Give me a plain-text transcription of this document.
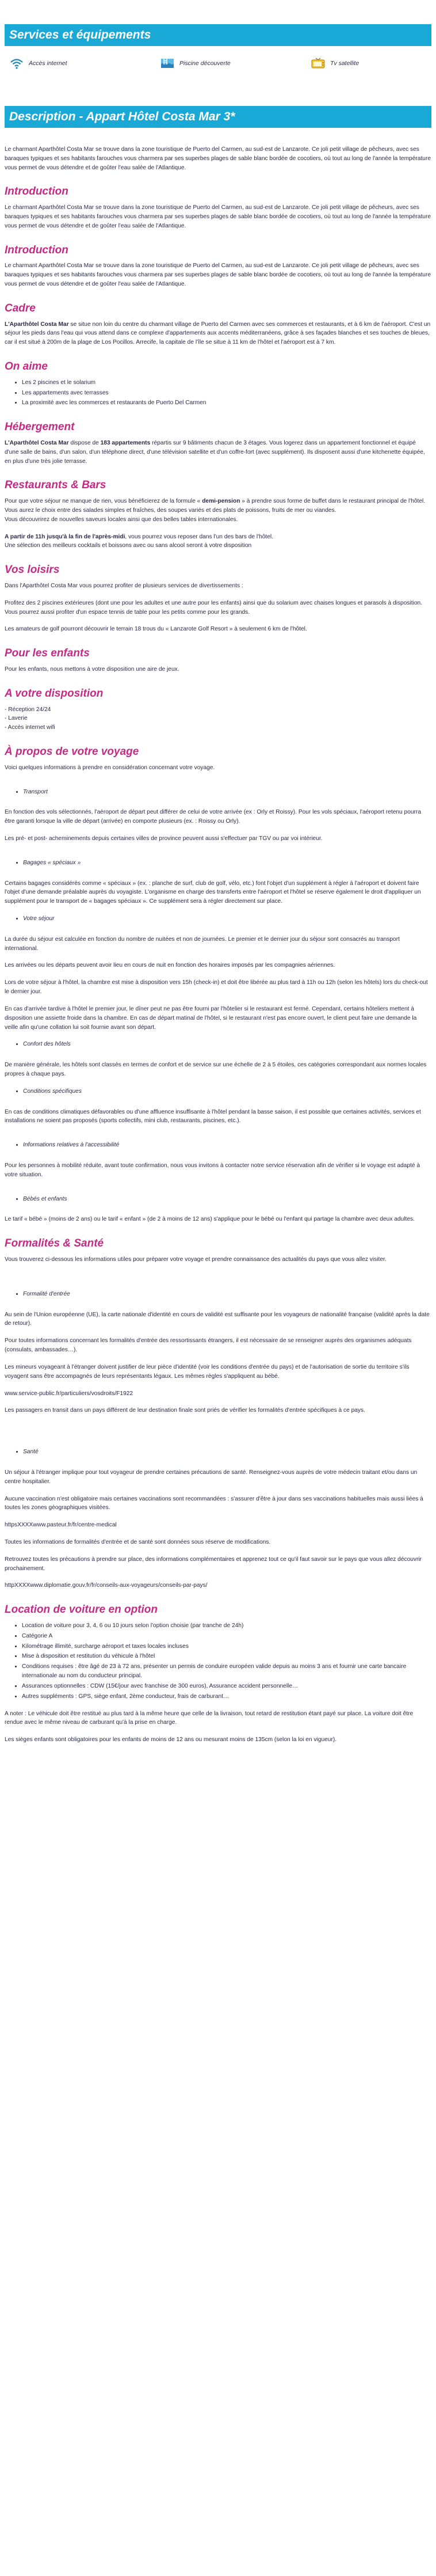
Services et équipements
Accès internet	Piscine découverte	Tv satellite
Description - Appart Hôtel Costa Mar 3*

Le charmant Aparthôtel Costa Mar se trouve dans la zone touristique de Puerto del Carmen, au sud-est de Lanzarote. Ce joli petit village de pêcheurs, avec ses baraques typiques et ses habitants farouches vous charmera par ses superbes plages de sable blanc bordée de cocotiers, où tout au long de l'année la température vous permet de vous détendre et de goûter l'eau salée de l'Atlantique.

Introduction

Le charmant Aparthôtel Costa Mar se trouve dans la zone touristique de Puerto del Carmen, au sud-est de Lanzarote. Ce joli petit village de pêcheurs, avec ses baraques typiques et ses habitants farouches vous charmera par ses superbes plages de sable blanc bordée de cocotiers, où tout au long de l'année la température vous permet de vous détendre et de goûter l'eau salée de l'Atlantique.

Introduction

Le charmant Aparthôtel Costa Mar se trouve dans la zone touristique de Puerto del Carmen, au sud-est de Lanzarote. Ce joli petit village de pêcheurs, avec ses baraques typiques et ses habitants farouches vous charmera par ses superbes plages de sable blanc bordée de cocotiers, où tout au long de l'année la température vous permet de vous détendre et de goûter l'eau salée de l'Atlantique.

Cadre

L'Aparthôtel Costa Mar se situe non loin du centre du charmant village de Puerto del Carmen avec ses commerces et restaurants, et à 6 km de l'aéroport. C'est un séjour les pieds dans l'eau qui vous attend dans ce complexe d'appartements aux accents méditerranéens, grâce à ses façades blanches et ses touches de bleues, car il est situé à 200m de la plage de Los Pocillos. Arrecife, la capitale de l'île se situe à 11 km de l'hôtel et l'aéroport est à 7 km.

On aime
• Les 2 piscines et le solarium
• Les appartements avec terrasses
• La proximité avec les commerces et restaurants de Puerto Del Carmen
Hébergement

L'Aparthôtel Costa Mar dispose de 183 appartements répartis sur 9 bâtiments chacun de 3 étages. Vous logerez dans un appartement fonctionnel et équipé d'une salle de bains, d'un salon, d'un téléphone direct, d'une télévision satellite et d'un coffre-fort (avec supplément). Ils disposent aussi d'une kitchenette équipée, en plus d'une très jolie terrasse.

Restaurants & Bars

Pour que votre séjour ne manque de rien, vous bénéficierez de la formule « demi-pension » à prendre sous forme de buffet dans le restaurant principal de l'hôtel.

Vous aurez le choix entre des salades simples et fraîches, des soupes variés et des plats de poissons, fruits de mer ou viandes.

Vous découvrirez de nouvelles saveurs locales ainsi que des belles tables internationales.

A partir de 11h jusqu'à la fin de l'après-midi, vous pourrez vous reposer dans l'un des bars de l'hôtel.

Une sélection des meilleurs cocktails et boissons avec ou sans alcool seront à votre disposition

Vos loisirs

Dans l'Aparthôtel Costa Mar vous pourrez profiter de plusieurs services de divertissements :

Profitez des 2 piscines extérieures (dont une pour les adultes et une autre pour les enfants) ainsi que du solarium avec chaises longues et parasols à disposition. Vous pourrez aussi profiter d'un espace tennis de table pour les petits comme pour les grands.

Les amateurs de golf pourront découvrir le terrain 18 trous du « Lanzarote Golf Resort » à seulement 6 km de l'hôtel.

Pour les enfants

Pour les enfants, nous mettons à votre disposition une aire de jeux.

A votre disposition

- Réception 24/24

- Laverie

- Accès internet wifi

À propos de votre voyage

Voici quelques informations à prendre en considération concernant votre voyage.

• Transport

En fonction des vols sélectionnés, l'aéroport de départ peut différer de celui de votre arrivée (ex : Orly et Roissy). Pour les vols spéciaux, l'aéroport retenu pourra être garanti lorsque la ville de départ (arrivée) en comporte plusieurs (ex. : Roissy ou Orly).

Les pré- et post- acheminements depuis certaines villes de province peuvent aussi s'effectuer par TGV ou par voi intérieur.

• Bagages « spéciaux »

Certains bagages considérés comme « spéciaux » (ex. : planche de surf, club de golf, vélo, etc.) font l'objet d'un supplément à régler à l'aéroport et doivent faire l'objet d'une demande préalable auprès du voyagiste. L'organisme en charge des transferts entre l'aéroport et l'hôtel se réserve également le droit d'appliquer un supplément pour le transport de « bagages spéciaux ». Ce supplément sera à régler directement sur place.

• Votre séjour

La durée du séjour est calculée en fonction du nombre de nuitées et non de journées. Le premier et le dernier jour du séjour sont consacrés au transport international.

Les arrivées ou les départs peuvent avoir lieu en cours de nuit en fonction des horaires imposés par les compagnies aériennes.

Lors de votre séjour à l'hôtel, la chambre est mise à disposition vers 15h (check-in) et doit être libérée au plus tard à 11h ou 12h (selon les hôtels) lors du check-out le dernier jour.

En cas d'arrivée tardive à l'hôtel le premier jour, le dîner peut ne pas être fourni par l'hôtelier si le restaurant est fermé. Cependant, certains hôteliers mettent à disposition une assiette froide dans la chambre. En cas de départ matinal de l'hôtel, si le restaurant n'est pas encore ouvert, le client peut faire une demande la veille afin qu'une collation lui soit fournie avant son départ.

• Confort des hôtels

De manière générale, les hôtels sont classés en termes de confort et de service sur une échelle de 2 à 5 étoiles, ces catégories correspondant aux normes locales propres à chaque pays.

• Conditions spécifiques

En cas de conditions climatiques défavorables ou d'une affluence insuffisante à l'hôtel pendant la basse saison, il est possible que certaines activités, services et installations ne soient pas proposés (sports collectifs, mini club, restaurants, piscines, etc.).

• Informations relatives à l'accessibilité

Pour les personnes à mobilité réduite, avant toute confirmation, nous vous invitons à contacter notre service réservation afin de vérifier si le voyage est adapté à votre situation.

• Bébés et enfants

Le tarif « bébé » (moins de 2 ans) ou le tarif « enfant » (de 2 à moins de 12 ans) s'applique pour le bébé ou l'enfant qui partage la chambre avec deux adultes.

Formalités & Santé

Vous trouverez ci-dessous les informations utiles pour préparer votre voyage et prendre connaissance des actualités du pays que vous allez visiter.

• Formalité d'entrée

Au sein de l'Union européenne (UE), la carte nationale d'identité en cours de validité est suffisante pour les voyageurs de nationalité française (validité après la date de retour).

Pour toutes informations concernant les formalités d'entrée des ressortissants étrangers, il est nécessaire de se renseigner auprès des organismes adéquats (consulats, ambassades…).

Les mineurs voyageant à l'étranger doivent justifier de leur pièce d'identité (voir les conditions d'entrée du pays) et de l'autorisation de sortie du territoire s'ils voyagent sans être accompagnés de leurs représentants légaux. Les mêmes règles s'appliquent au bébé.

www.service-public.fr/particuliers/vosdroits/F1922

Les passagers en transit dans un pays différent de leur destination finale sont priés de vérifier les formalités d'entrée spécifiques à ce pays.

• Santé

Un séjour à l'étranger implique pour tout voyageur de prendre certaines précautions de santé. Renseignez-vous auprès de votre médecin traitant et/ou dans un centre hospitalier.

Aucune vaccination n'est obligatoire mais certaines vaccinations sont recommandées : s'assurer d'être à jour dans ses vaccinations habituelles mais aussi liées à toutes les zones géographiques visitées.

httpsXXXXwww.pasteur.fr/fr/centre-medical

Toutes les informations de formalités d'entrée et de santé sont données sous réserve de modifications.

Retrouvez toutes les précautions à prendre sur place, des informations complémentaires et apprenez tout ce qu'il faut savoir sur le pays que vous allez découvrir prochainement.

httpXXXXwww.diplomatie.gouv.fr/fr/conseils-aux-voyageurs/conseils-par-pays/

Location de voiture en option
• Location de voiture pour 3, 4, 6 ou 10 jours selon l'option choisie (par tranche de 24h)
• Catégorie A
• Kilométrage illimité, surcharge aéroport et taxes locales incluses
• Mise à disposition et restitution du véhicule à l'hôtel
• Conditions requises : être âgé de 23 à 72 ans, présenter un permis de conduire européen valide depuis au moins 3 ans et fournir une carte bancaire internationale au nom du conducteur principal.
• Assurances optionnelles : CDW (15€/jour avec franchise de 300 euros), Assurance accident personnelle…
• Autres suppléments : GPS, siège enfant, 2ème conducteur, frais de carburant…

A noter : Le véhicule doit être restitué au plus tard à la même heure que celle de la livraison, tout retard de restitution étant payé sur place. La voiture doit être rendue avec le même niveau de carburant qu'à la prise en charge.

Les sièges enfants sont obligatoires pour les enfants de moins de 12 ans ou mesurant moins de 135cm (selon la loi en vigueur).
